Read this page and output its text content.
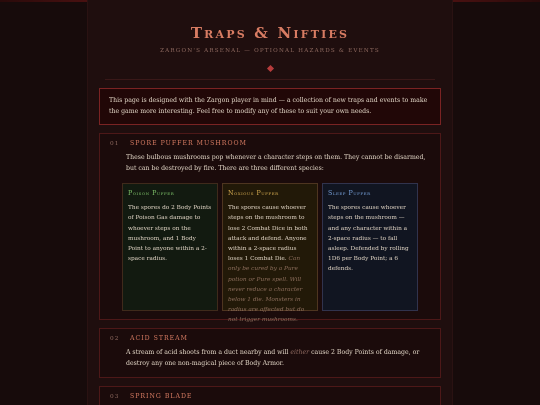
Traps & Nifties
ZARGON'S ARSENAL — OPTIONAL HAZARDS & EVENTS
This page is designed with the Zargon player in mind — a collection of new traps and events to make the game more interesting. Feel free to modify any of these to suit your own needs.
01 SPORE PUFFER MUSHROOM
These bulbous mushrooms pop whenever a character steps on them. They cannot be disarmed, but can be destroyed by fire. There are three different species:
Poison Puffer
The spores do 2 Body Points of Poison Gas damage to whoever steps on the mushroom, and 1 Body Point to anyone within a 2-space radius.
Noxious Puffer
The spores cause whoever steps on the mushroom to lose 2 Combat Dice in both attack and defend. Anyone within a 2-space radius loses 1 Combat Die. Can only be cured by a Pure potion or Pure spell. Will never reduce a character below 1 die. Monsters in radius are affected but do not trigger mushrooms.
Sleep Puffer
The spores cause whoever steps on the mushroom — and any character within a 2-space radius — to fall asleep. Defended by rolling 1D6 per Body Point; a 6 defends.
02 ACID STREAM
A stream of acid shoots from a duct nearby and will either cause 2 Body Points of damage, or destroy any one non-magical piece of Body Armor.
03 SPRING BLADE
